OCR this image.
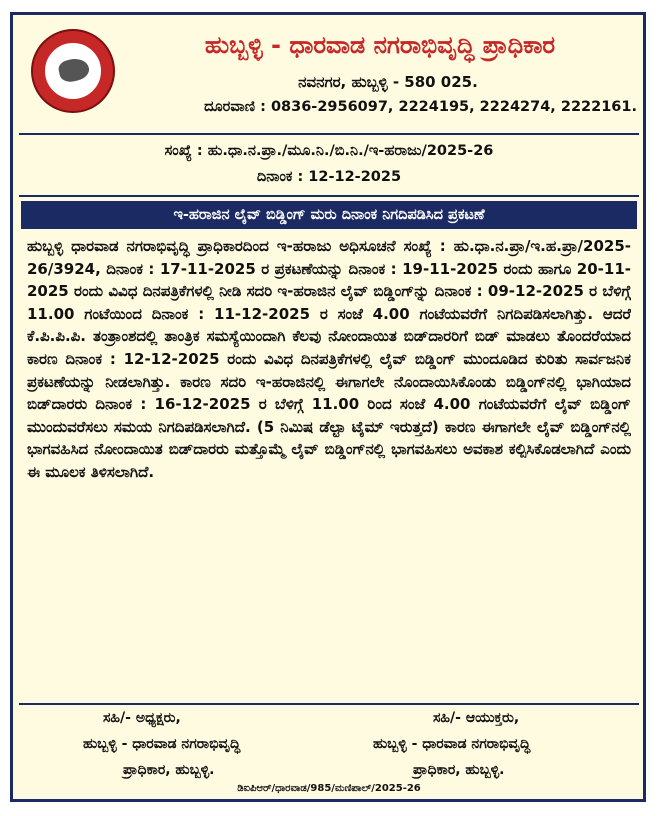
ಹುಬ್ಬಳ್ಳಿ - ಧಾರವಾಡ ನಗರಾಭಿವೃದ್ಧಿ ಪ್ರಾಧಿಕಾರ
ನವನಗರ, ಹುಬ್ಬಳ್ಳಿ - 580 025.
ದೂರವಾಣಿ : 0836-2956097, 2224195, 2224274, 2222161.
ಸಂಖ್ಯೆ : ಹು.ಧಾ.ನ.ಪ್ರಾ./ಮೂ.ನಿ./ಬಿ.ನಿ./ಇ-ಹರಾಜು/2025-26
ದಿನಾಂಕ : 12-12-2025
ಇ-ಹರಾಜಿನ ಲೈವ್ ಬಿಡ್ಡಿಂಗ್ ಮರು ದಿನಾಂಕ ನಿಗದಿಪಡಿಸಿದ ಪ್ರಕಟಣೆ
ಹುಬ್ಬಳ್ಳಿ ಧಾರವಾಡ ನಗರಾಭಿವೃದ್ಧಿ ಪ್ರಾಧಿಕಾರದಿಂದ ಇ-ಹರಾಜು ಅಧಿಸೂಚನೆ ಸಂಖ್ಯೆ : ಹು.ಧಾ.ನ.ಪ್ರಾ/ಇ.ಹ.ಪ್ರಾ/2025-26/3924, ದಿನಾಂಕ : 17-11-2025 ರ ಪ್ರಕಟಣೆಯನ್ನು ದಿನಾಂಕ : 19-11-2025 ರಂದು ಹಾಗೂ 20-11-2025 ರಂದು ವಿವಿಧ ದಿನಪತ್ರಿಕೆಗಳಲ್ಲಿ ನೀಡಿ ಸದರಿ ಇ-ಹರಾಜಿನ ಲೈವ್ ಬಿಡ್ಡಿಂಗ್‌ನ್ನು ದಿನಾಂಕ : 09-12-2025 ರ ಬೆಳಿಗ್ಗೆ 11.00 ಗಂಟೆಯಿಂದ ದಿನಾಂಕ : 11-12-2025 ರ ಸಂಜೆ 4.00 ಗಂಟೆಯವರೆಗೆ ನಿಗದಿಪಡಿಸಲಾಗಿತ್ತು. ಆದರೆ ಕೆ.ಪಿ.ಪಿ.ಪಿ. ತಂತ್ರಾಂಶದಲ್ಲಿ ತಾಂತ್ರಿಕ ಸಮಸ್ಯೆಯಿಂದಾಗಿ ಕೆಲವು ನೋಂದಾಯಿತ ಬಿಡ್‌ದಾರರಿಗೆ ಬಿಡ್ ಮಾಡಲು ತೊಂದರೆಯಾದ ಕಾರಣ ದಿನಾಂಕ : 12-12-2025 ರಂದು ವಿವಿಧ ದಿನಪತ್ರಿಕೆಗಳಲ್ಲಿ ಲೈವ್ ಬಿಡ್ಡಿಂಗ್ ಮುಂದೂಡಿದ ಕುರಿತು ಸಾರ್ವಜನಿಕ ಪ್ರಕಟಣೆಯನ್ನು ನೀಡಲಾಗಿತ್ತು. ಕಾರಣ ಸದರಿ ಇ-ಹರಾಜಿನಲ್ಲಿ ಈಗಾಗಲೇ ನೊಂದಾಯಿಸಿಕೊಂಡು ಬಿಡ್ಡಿಂಗ್‌ನಲ್ಲಿ ಭಾಗಿಯಾದ ಬಿಡ್‌ದಾರರು ದಿನಾಂಕ : 16-12-2025 ರ ಬೆಳಿಗ್ಗೆ 11.00 ರಿಂದ ಸಂಜೆ 4.00 ಗಂಟೆಯವರೆಗೆ ಲೈವ್ ಬಿಡ್ಡಿಂಗ್ ಮುಂದುವರೆಸಲು ಸಮಯ ನಿಗದಿಪಡಿಸಲಾಗಿದೆ. (5 ನಿಮಿಷ ಡೆಲ್ಟಾ ಟೈಮ್ ಇರುತ್ತದೆ) ಕಾರಣ ಈಗಾಗಲೇ ಲೈವ್ ಬಿಡ್ಡಿಂಗ್‌ನಲ್ಲಿ ಭಾಗವಹಿಸಿದ ನೋಂದಾಯಿತ ಬಿಡ್‌ದಾರರು ಮತ್ತೊಮ್ಮೆ ಲೈವ್ ಬಿಡ್ಡಿಂಗ್‌ನಲ್ಲಿ ಭಾಗವಹಿಸಲು ಅವಕಾಶ ಕಲ್ಪಿಸಿಕೊಡಲಾಗಿದೆ ಎಂದು ಈ ಮೂಲಕ ತಿಳಿಸಲಾಗಿದೆ.
ಸಹಿ/- ಅಧ್ಯಕ್ಷರು,
ಹುಬ್ಬಳ್ಳಿ - ಧಾರವಾಡ ನಗರಾಭಿವೃದ್ಧಿ
ಪ್ರಾಧಿಕಾರ, ಹುಬ್ಬಳ್ಳಿ.
ಸಹಿ/- ಆಯುಕ್ತರು,
ಹುಬ್ಬಳ್ಳಿ - ಧಾರವಾಡ ನಗರಾಭಿವೃದ್ಧಿ
ಪ್ರಾಧಿಕಾರ, ಹುಬ್ಬಳ್ಳಿ.
ಡಿಐಪಿಆರ್/ಧಾರವಾಡ/985/ಮಣಿಪಾಲ್/2025-26
